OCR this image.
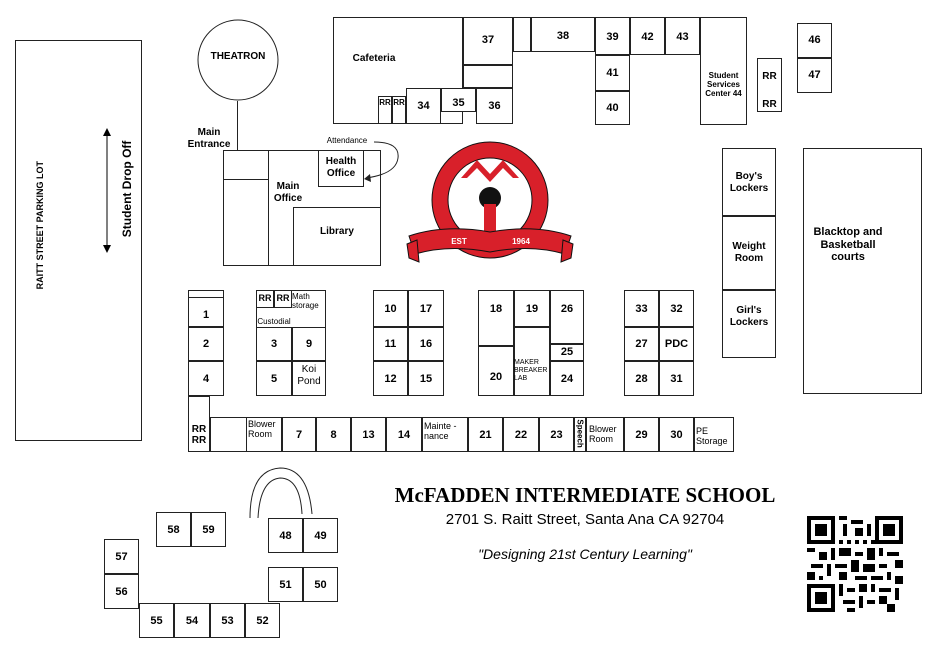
RAITT STREET PARKING LOT	Student Drop Off
THEATRON
Main Entrance
Main Office
Health Office
Attendance
Library
Cafeteria
37	38	39	42	43
Student Services Center 44
41
40
RR RR	34	35	36
RR
RR
46
47
Boy's Lockers
Weight Room
Girl's Lockers
Blacktop and Basketball courts
EST	1964
1
2
4
RR
RR
RR RR
Custodial
Math storage
3	9
5
Koi Pond
10	17
11	16
12	15
18	19	26
25
20
MAKER BREAKER LAB	24
33	32
27	PDC
28	31
Blower Room	7	8	13	14
Mainte -nance	21	22	23	Speech Blower Room	29	30	PE Storage
58	59	48	49
57
56
51	50
55	54	53	52
McFADDEN INTERMEDIATE SCHOOL
2701 S. Raitt Street, Santa Ana CA 92704
"Designing 21st Century Learning"
